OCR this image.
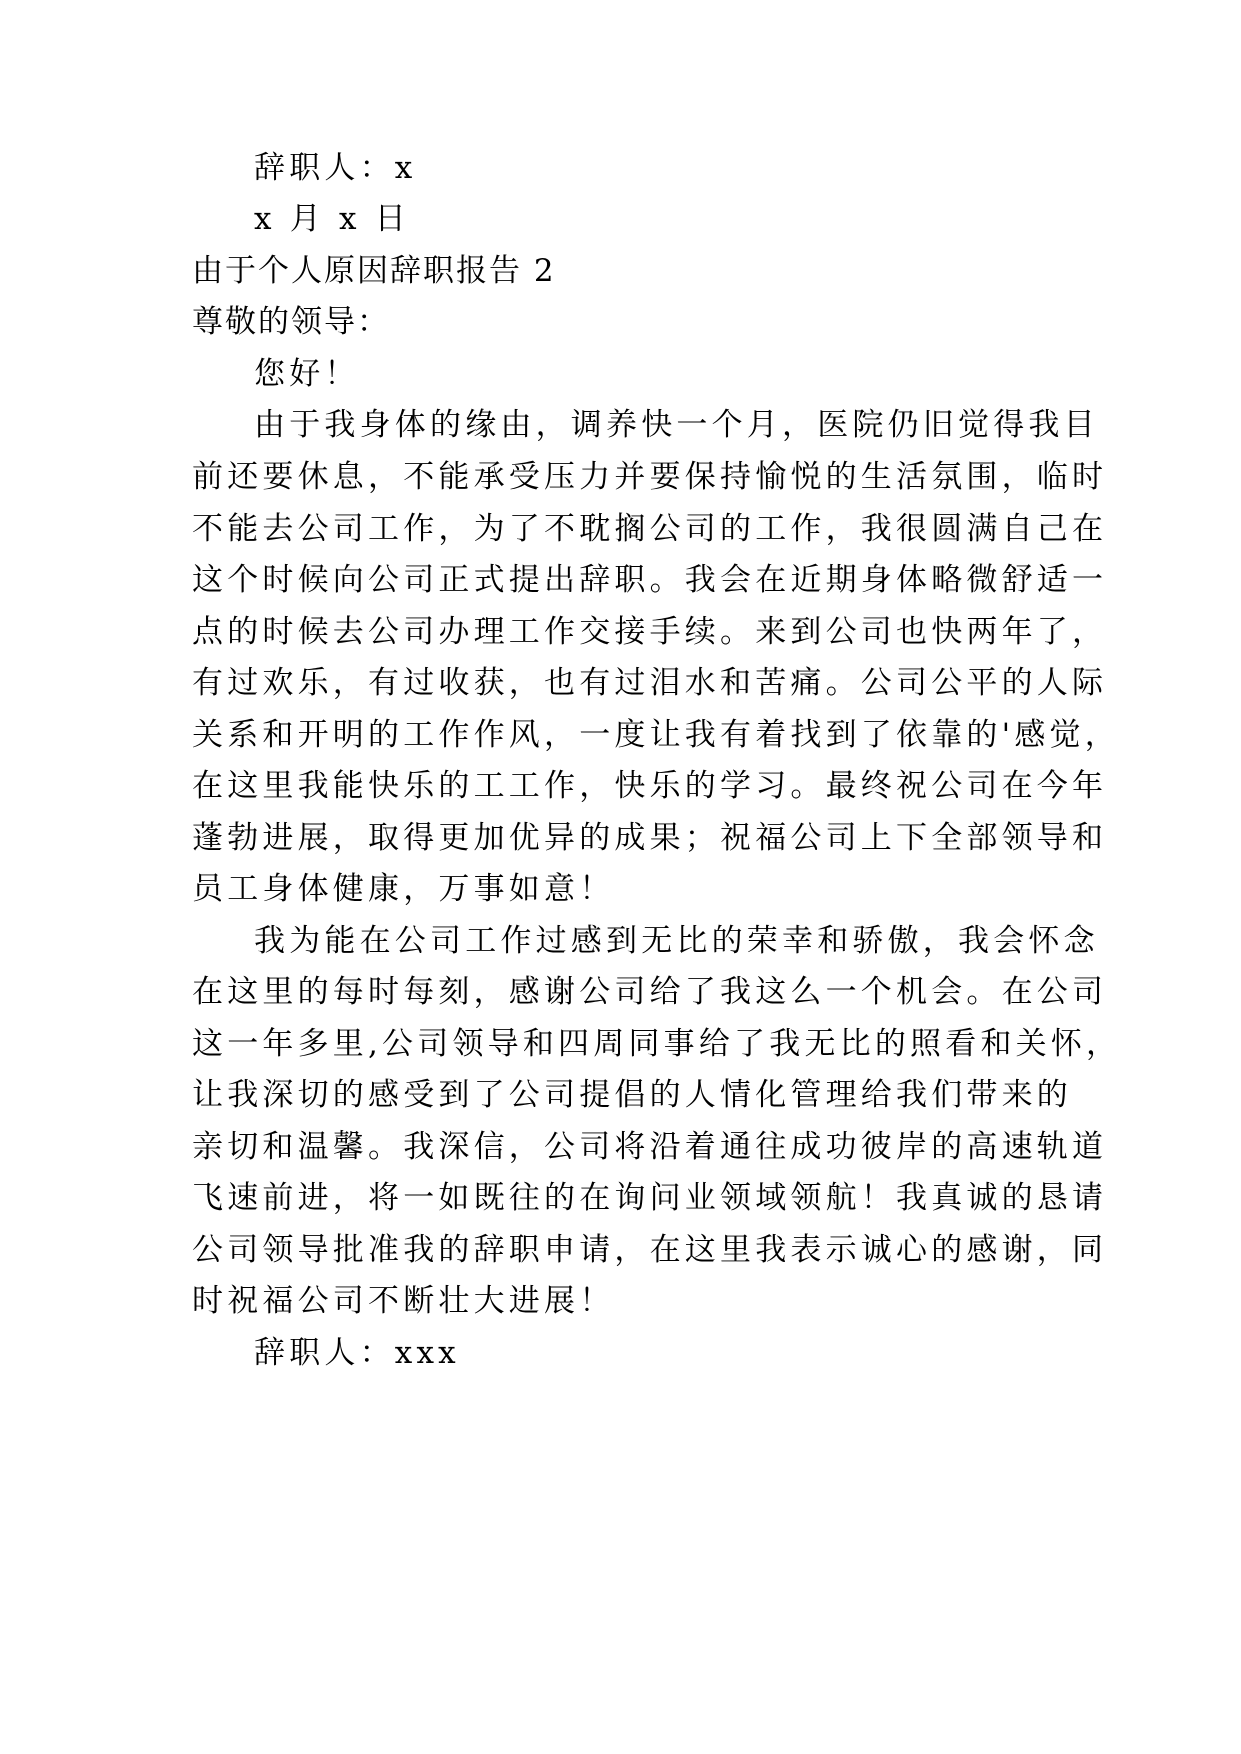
辞职人：x
x 月 x 日
由于个人原因辞职报告 2
尊敬的领导：
您好！
由于我身体的缘由，调养快一个月，医院仍旧觉得我目
前还要休息，不能承受压力并要保持愉悦的生活氛围，临时
不能去公司工作，为了不耽搁公司的工作，我很圆满自己在
这个时候向公司正式提出辞职。我会在近期身体略微舒适一
点的时候去公司办理工作交接手续。来到公司也快两年了，
有过欢乐，有过收获，也有过泪水和苦痛。公司公平的人际
关系和开明的工作作风，一度让我有着找到了依靠的'感觉，
在这里我能快乐的工工作，快乐的学习。最终祝公司在今年
蓬勃进展，取得更加优异的成果；祝福公司上下全部领导和
员工身体健康，万事如意！
我为能在公司工作过感到无比的荣幸和骄傲，我会怀念
在这里的每时每刻，感谢公司给了我这么一个机会。在公司
这一年多里,公司领导和四周同事给了我无比的照看和关怀，
让我深切的感受到了公司提倡的人情化管理给我们带来的
亲切和温馨。我深信，公司将沿着通往成功彼岸的高速轨道
飞速前进，将一如既往的在询问业领域领航！我真诚的恳请
公司领导批准我的辞职申请，在这里我表示诚心的感谢，同
时祝福公司不断壮大进展！
辞职人：xxx
